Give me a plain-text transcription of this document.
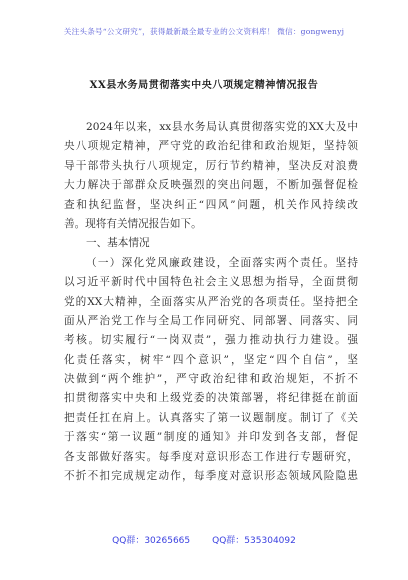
关注头条号“公文研究”，获得最新最全最专业的公文资料库！ 微信：gongwenyj
XX县水务局贯彻落实中央八项规定精神情况报告
2024年以来，xx县水务局认真贯彻落实党的XX大及中
央八项规定精神，严守党的政治纪律和政治规矩，坚持领
导干部带头执行八项规定，厉行节约精神，坚决反对浪费
大力解决于部群众反映强烈的突出问题，不断加强督促检
查和执纪监督，坚决纠正“四风”问题，机关作风持续改
善。现将有关情况报告如下。
一、基本情况
（一）深化党风廉政建设，全面落实两个责任。坚持
以习近平新时代中国特色社会主义思想为指导，全面贯彻
党的XX大精神，全面落实从严治党的各项责任。坚持把全
面从严治党工作与全局工作同研究、同部署、同落实、同
考核。切实履行“一岗双责”，强力推动执行力建设。强
化责任落实，树牢“四个意识”，坚定“四个自信”，坚
决做到“两个维护”，严守政治纪律和政治规矩，不折不
扣贯彻落实中央和上级党委的决策部署，将纪律挺在前面
把责任扛在肩上。认真落实了第一议题制度。制订了《关
于落实“第一议题”制度的通知》并印发到各支部，督促
各支部做好落实。每季度对意识形态工作进行专题研究，
不折不扣完成规定动作，每季度对意识形态领域风险隐患
QQ群：30265665 QQ群：535304092
